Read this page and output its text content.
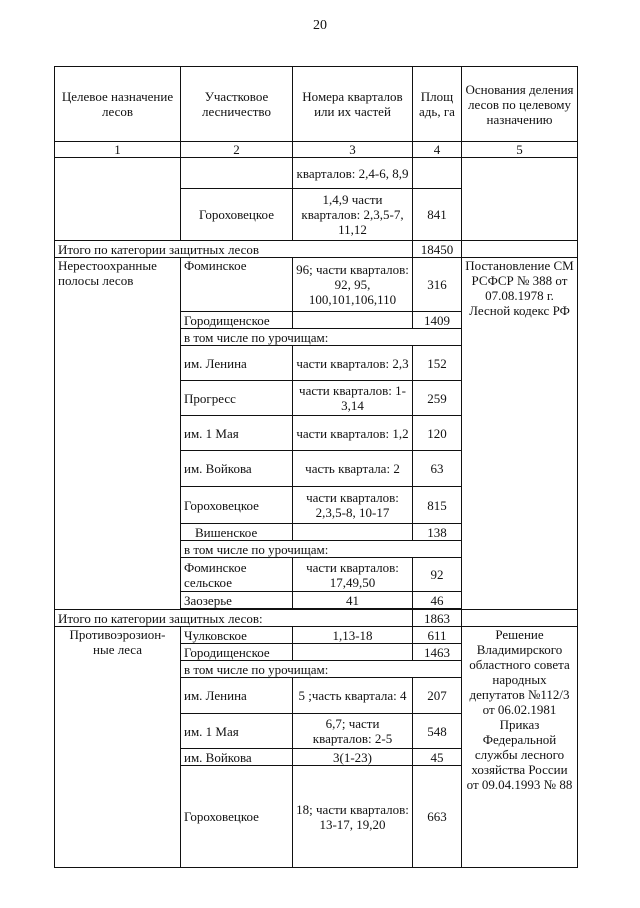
20
Целевое назначение лесов	Участковое лесничество	Номера кварталов или их частей	Площ адь, га	Основания деления лесов по целевому назначению
1	2	3	4	5
		кварталов: 2,4-6, 8,9		
	Гороховецкое	1,4,9 части кварталов: 2,3,5-7, 11,12	841	
Итого по категории защитных лесов			18450	
Нерестоохранные полосы лесов	Фоминское	96; части кварталов: 92, 95, 100,101,106,110	316	Постановление СМ РСФСР № 388 от 07.08.1978 г. Лесной кодекс РФ
	Городищенское		1409	
	в том числе по урочищам:			
	им. Ленина	части кварталов: 2,3	152	
	Прогресс	части кварталов: 1-3,14	259	
	им. 1 Мая	части кварталов: 1,2	120	
	им. Войкова	часть квартала: 2	63	
	Гороховецкое	части кварталов: 2,3,5-8, 10-17	815	
	Вишенское		138	
	в том числе по урочищам:			
	Фоминское сельское	части кварталов: 17,49,50	92	
	Заозерье	41	46	

Итого по категории защитных лесов:			1863	
Противоэрозион- ные леса	Чулковское	1,13-18	611	Решение Владимирского областного совета народных депутатов №112/3 от 06.02.1981 Приказ Федеральной службы лесного хозяйства России от 09.04.1993 № 88
	Городищенское		1463	
	в том числе по урочищам:			
	им. Ленина	5 ;часть квартала: 4	207	
	им. 1 Мая	6,7; части кварталов: 2-5	548	
	им. Войкова	3(1-23)	45	
	Гороховецкое	18; части кварталов: 13-17, 19,20	663	
